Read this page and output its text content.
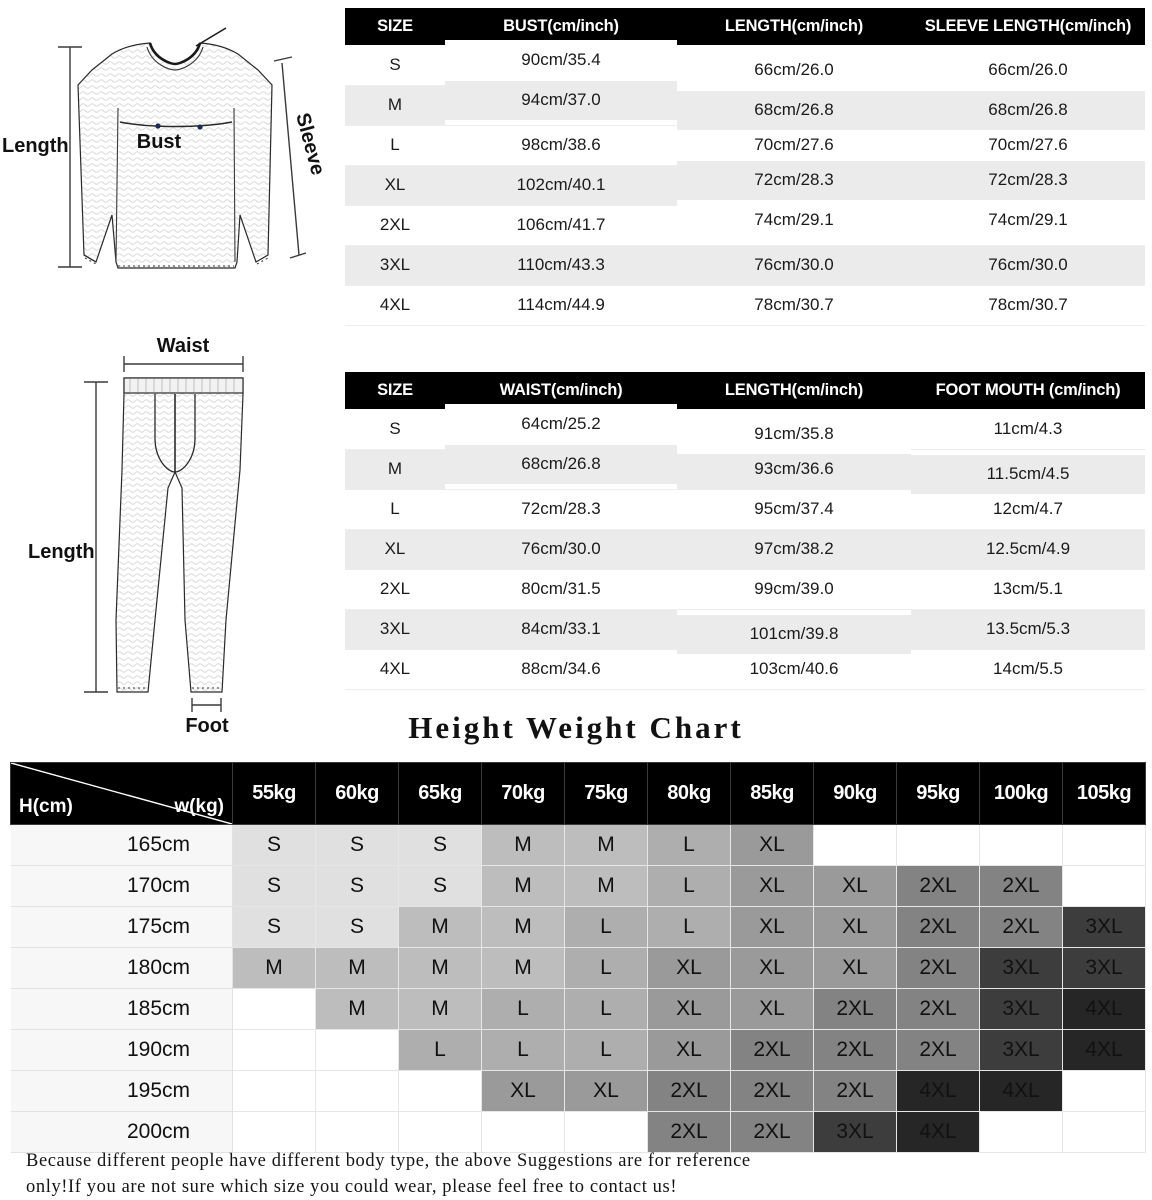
Length	Bust	Sleeve
Waist
Length
Foot
SIZE	BUST(cm/inch)	LENGTH(cm/inch)	SLEEVE LENGTH(cm/inch)
S	90cm/35.4	66cm/26.0	66cm/26.0
M	94cm/37.0	68cm/26.8	68cm/26.8
L	98cm/38.6	70cm/27.6	70cm/27.6
XL	102cm/40.1	72cm/28.3	72cm/28.3
2XL	106cm/41.7	74cm/29.1	74cm/29.1
3XL	110cm/43.3	76cm/30.0	76cm/30.0
4XL	114cm/44.9	78cm/30.7	78cm/30.7
SIZE	WAIST(cm/inch)	LENGTH(cm/inch)	FOOT MOUTH (cm/inch)
S	64cm/25.2	91cm/35.8	11cm/4.3
M	68cm/26.8	93cm/36.6	11.5cm/4.5
L	72cm/28.3	95cm/37.4	12cm/4.7
XL	76cm/30.0	97cm/38.2	12.5cm/4.9
2XL	80cm/31.5	99cm/39.0	13cm/5.1
3XL	84cm/33.1	101cm/39.8	13.5cm/5.3
4XL	88cm/34.6	103cm/40.6	14cm/5.5
Height Weight Chart
H(cm) w(kg)	55kg	60kg	65kg	70kg	75kg	80kg	85kg	90kg	95kg	100kg	105kg
165cm	S	S	S	M	M	L	XL				
170cm	S	S	S	M	M	L	XL	XL	2XL	2XL	
175cm	S	S	M	M	L	L	XL	XL	2XL	2XL	3XL
180cm	M	M	M	M	L	XL	XL	XL	2XL	3XL	3XL
185cm		M	M	L	L	XL	XL	2XL	2XL	3XL	4XL
190cm			L	L	L	XL	2XL	2XL	2XL	3XL	4XL
195cm				XL	XL	2XL	2XL	2XL	4XL	4XL	
200cm						2XL	2XL	3XL	4XL		
Because different people have different body type, the above Suggestions are for reference
only!If you are not sure which size you could wear, please feel free to contact us!
